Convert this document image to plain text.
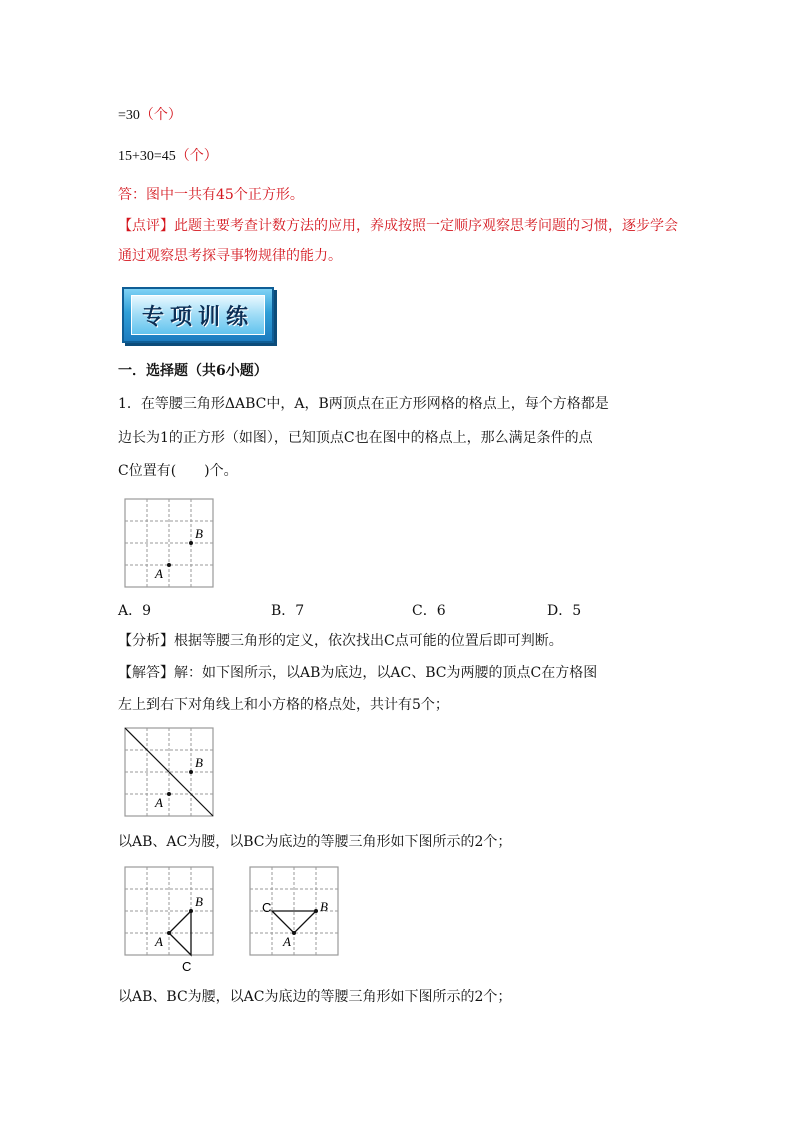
=30（个）
15+30=45（个）
答：图中一共有45个正方形。
【点评】此题主要考查计数方法的应用，养成按照一定顺序观察思考问题的习惯，逐步学会
通过观察思考探寻事物规律的能力。
专项训练
一．选择题（共6小题）
1．在等腰三角形ΔABC中，A，B两顶点在正方形网格的格点上，每个方格都是
边长为1的正方形（如图），已知顶点C也在图中的格点上，那么满足条件的点
C位置有(　　)个。
B
A
A．9	B．7	C．6	D．5
【分析】根据等腰三角形的定义，依次找出C点可能的位置后即可判断。
【解答】解：如下图所示，以AB为底边，以AC、BC为两腰的顶点C在方格图
左上到右下对角线上和小方格的格点处，共计有5个；
B
A
以AB、AC为腰，以BC为底边的等腰三角形如下图所示的2个；
B
A
C
B
A
C
以AB、BC为腰，以AC为底边的等腰三角形如下图所示的2个；
